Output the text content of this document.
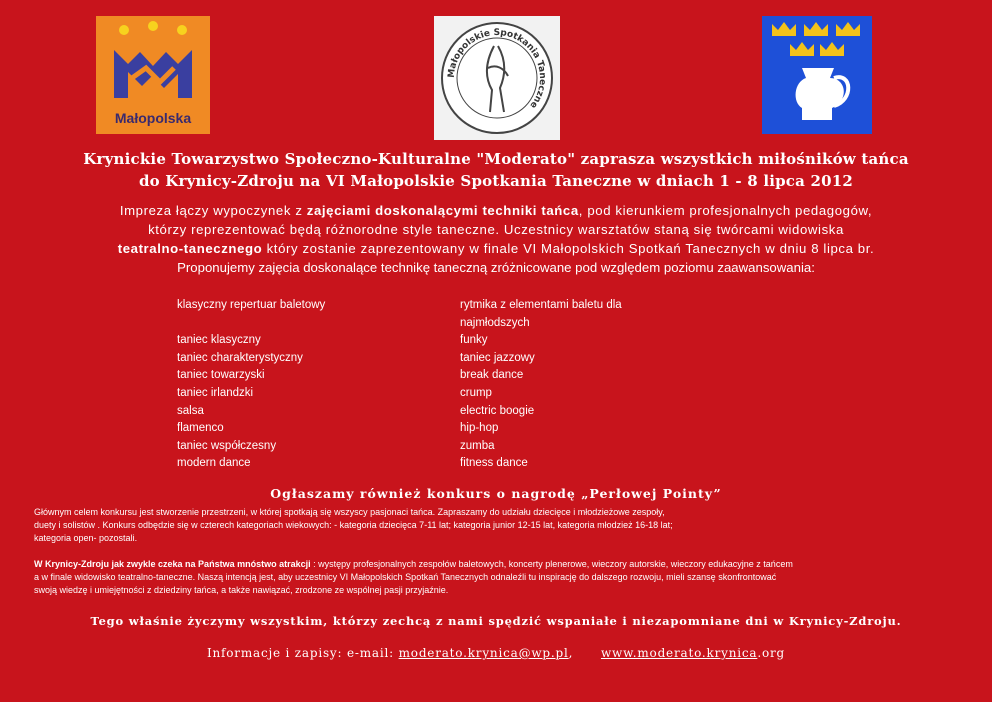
Małopolska
Małopolskie Spotkania Taneczne
Krynickie Towarzystwo Społeczno-Kulturalne "Moderato" zaprasza wszystkich miłośników tańca
do Krynicy-Zdroju na VI Małopolskie Spotkania Taneczne w dniach 1 - 8 lipca 2012
Impreza łączy wypoczynek z zajęciami doskonalącymi techniki tańca, pod kierunkiem profesjonalnych pedagogów,
którzy reprezentować będą różnorodne style taneczne. Uczestnicy warsztatów staną się twórcami widowiska
teatralno-tanecznego który zostanie zaprezentowany w finale VI Małopolskich Spotkań Tanecznych w dniu 8 lipca br.
Proponujemy zajęcia doskonalące technikę taneczną zróżnicowane pod względem poziomu zaawansowania:
klasyczny repertuar baletowy
taniec klasyczny
taniec charakterystyczny
taniec towarzyski
taniec irlandzki
salsa
flamenco
taniec współczesny
modern dance
rytmika z elementami baletu dla
najmłodszych
funky
taniec jazzowy
break dance
crump
electric boogie
hip-hop
zumba
fitness dance
Ogłaszamy również konkurs o nagrodę „Perłowej Pointy”
Głównym celem konkursu jest stworzenie przestrzeni, w której spotkają się wszyscy pasjonaci tańca. Zapraszamy do udziału dziecięce i młodzieżowe zespoły,
duety i solistów . Konkurs odbędzie się w czterech kategoriach wiekowych: - kategoria dziecięca 7-11 lat; kategoria junior 12-15 lat, kategoria młodzież 16-18 lat;
kategoria open- pozostali.
W Krynicy-Zdroju jak zwykle czeka na Państwa mnóstwo atrakcji : występy profesjonalnych zespołów baletowych, koncerty plenerowe, wieczory autorskie, wieczory edukacyjne z tańcem
a w finale widowisko teatralno-taneczne. Naszą intencją jest, aby uczestnicy VI Małopolskich Spotkań Tanecznych odnaleźli tu inspirację do dalszego rozwoju, mieli szansę skonfrontować
swoją wiedzę i umiejętności z dziedziny tańca, a także nawiązać, zrodzone ze wspólnej pasji przyjaźnie.
Tego właśnie życzymy wszystkim, którzy zechcą z nami spędzić wspaniałe i niezapomniane dni w Krynicy-Zdroju.
Informacje i zapisy: e-mail: moderato.krynica@wp.pl, www.moderato.krynica.org
